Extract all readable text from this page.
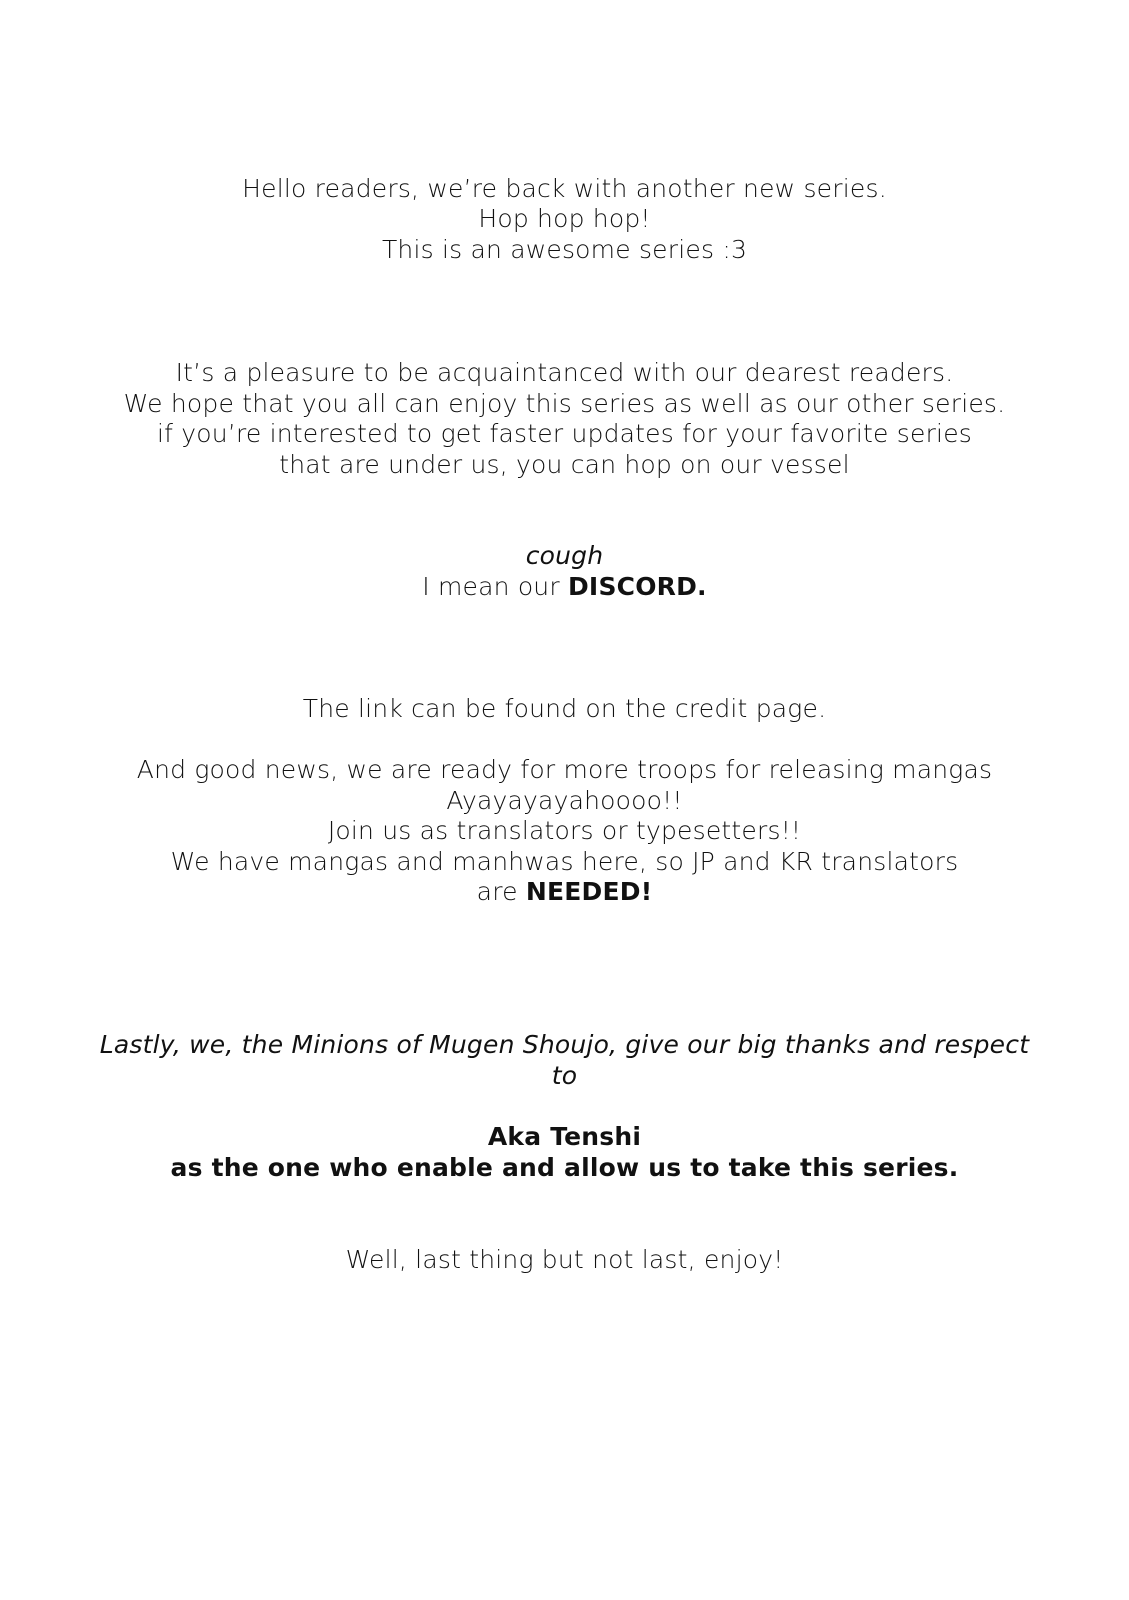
Hello readers, we’re back with another new series.
Hop hop hop!
This is an awesome series :3
It’s a pleasure to be acquaintanced with our dearest readers.
We hope that you all can enjoy this series as well as our other series.
if you’re interested to get faster updates for your favorite series
that are under us, you can hop on our vessel
cough
I mean our DISCORD.
The link can be found on the credit page.
And good news, we are ready for more troops for releasing mangas
Ayayayayahoooo!!
Join us as translators or typesetters!!
We have mangas and manhwas here, so JP and KR translators
are NEEDED!
Lastly, we, the Minions of Mugen Shoujo, give our big thanks and respect
to
Aka Tenshi
as the one who enable and allow us to take this series.
Well, last thing but not last, enjoy!
